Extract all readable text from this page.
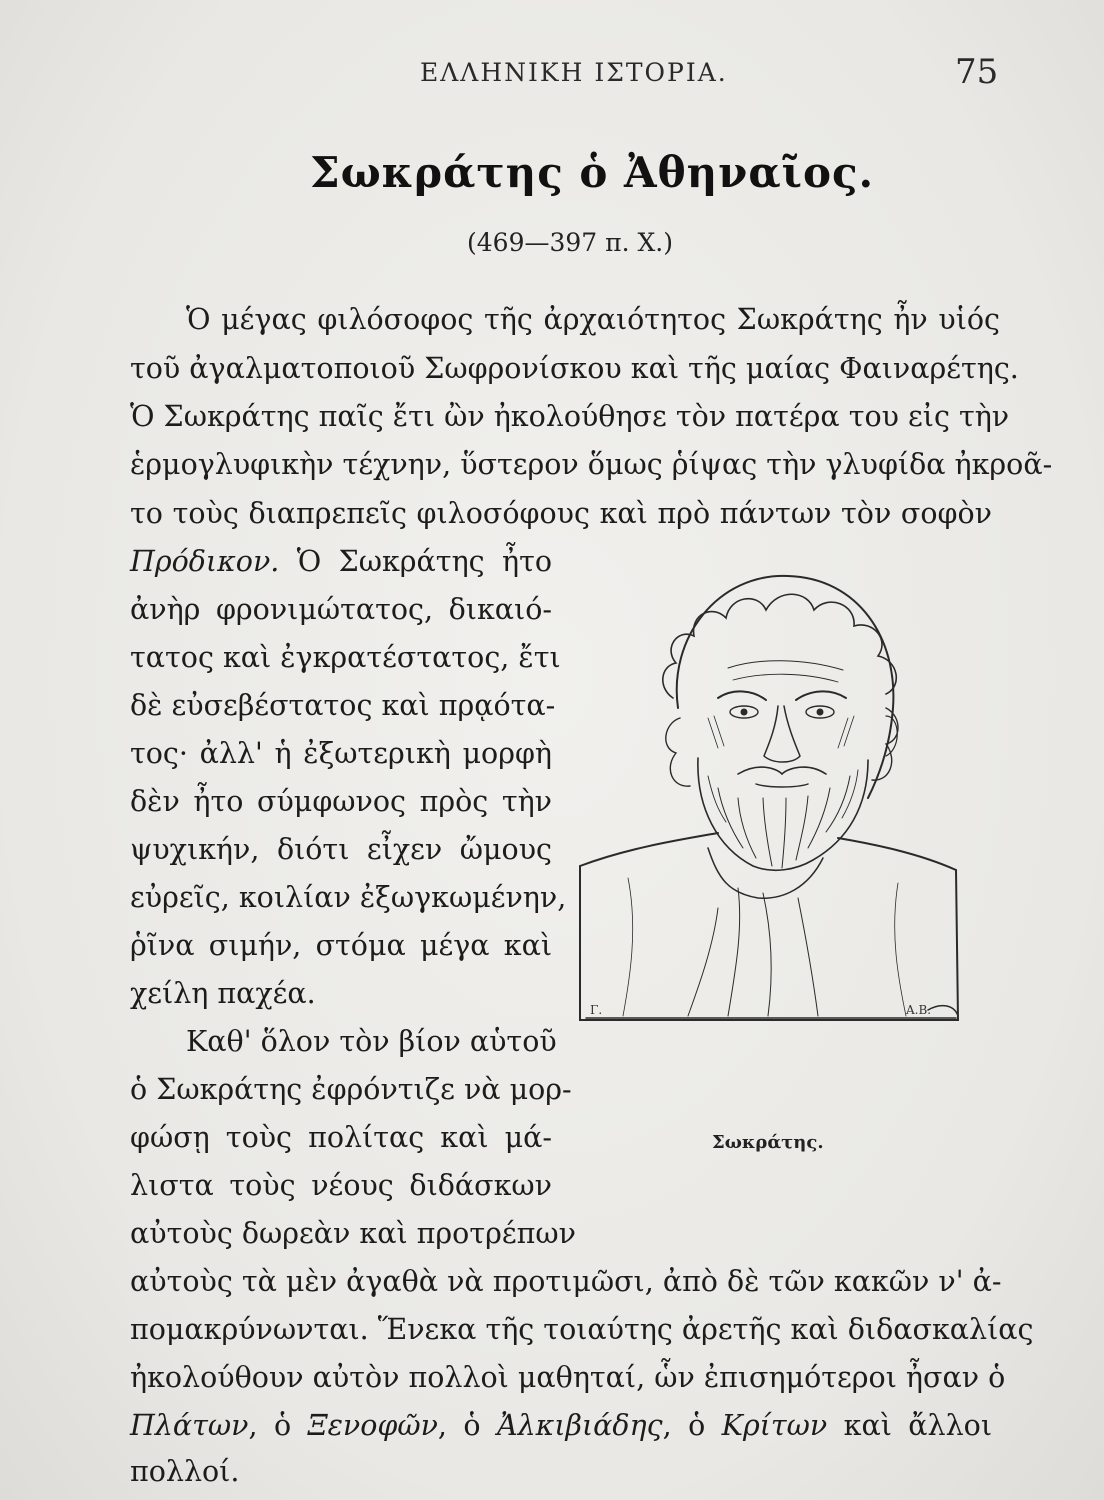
ΕΛΛΗΝΙΚΗ ΙΣΤΟΡΙΑ.	75
Σωκράτης ὁ Ἀθηναῖος.
(469—397 π. Χ.)
Ὁ μέγας φιλόσοφος τῆς ἀρχαιότητος Σωκράτης ἦν υἱός
τοῦ ἀγαλματοποιοῦ Σωφρονίσκου καὶ τῆς μαίας Φαιναρέτης.
Ὁ Σωκράτης παῖς ἔτι ὢν ἠκολούθησε τὸν πατέρα του εἰς τὴν
ἑρμογλυφικὴν τέχνην, ὕστερον ὅμως ῥίψας τὴν γλυφίδα ἠκροᾶ-
το τοὺς διαπρεπεῖς φιλοσόφους καὶ πρὸ πάντων τὸν σοφὸν
Πρόδικον. Ὁ Σωκράτης ἦτο
ἀνὴρ φρονιμώτατος, δικαιό-
τατος καὶ ἐγκρατέστατος, ἔτι
δὲ εὐσεβέστατος καὶ πρᾳότα-
τος· ἀλλ' ἡ ἐξωτερικὴ μορφὴ
δὲν ἦτο σύμφωνος πρὸς τὴν
ψυχικήν, διότι εἶχεν ὤμους
εὐρεῖς, κοιλίαν ἐξωγκωμένην,
ῥῖνα σιμήν, στόμα μέγα καὶ
χείλη παχέα.
Καθ' ὅλον τὸν βίον αὑτοῦ
ὁ Σωκράτης ἐφρόντιζε νὰ μορ-
φώσῃ τοὺς πολίτας καὶ μά-
λιστα τοὺς νέους διδάσκων
αὐτοὺς δωρεὰν καὶ προτρέπων
αὐτοὺς τὰ μὲν ἀγαθὰ νὰ προτιμῶσι, ἀπὸ δὲ τῶν κακῶν ν' ἀ-
πομακρύνωνται. Ἕνεκα τῆς τοιαύτης ἀρετῆς καὶ διδασκαλίας
ἠκολούθουν αὐτὸν πολλοὶ μαθηταί, ὧν ἐπισημότεροι ἦσαν ὁ
Πλάτων, ὁ Ξενοφῶν, ὁ Ἀλκιβιάδης, ὁ Κρίτων καὶ ἄλλοι
πολλοί.
Γ.	Α.Β.
Σωκράτης.
